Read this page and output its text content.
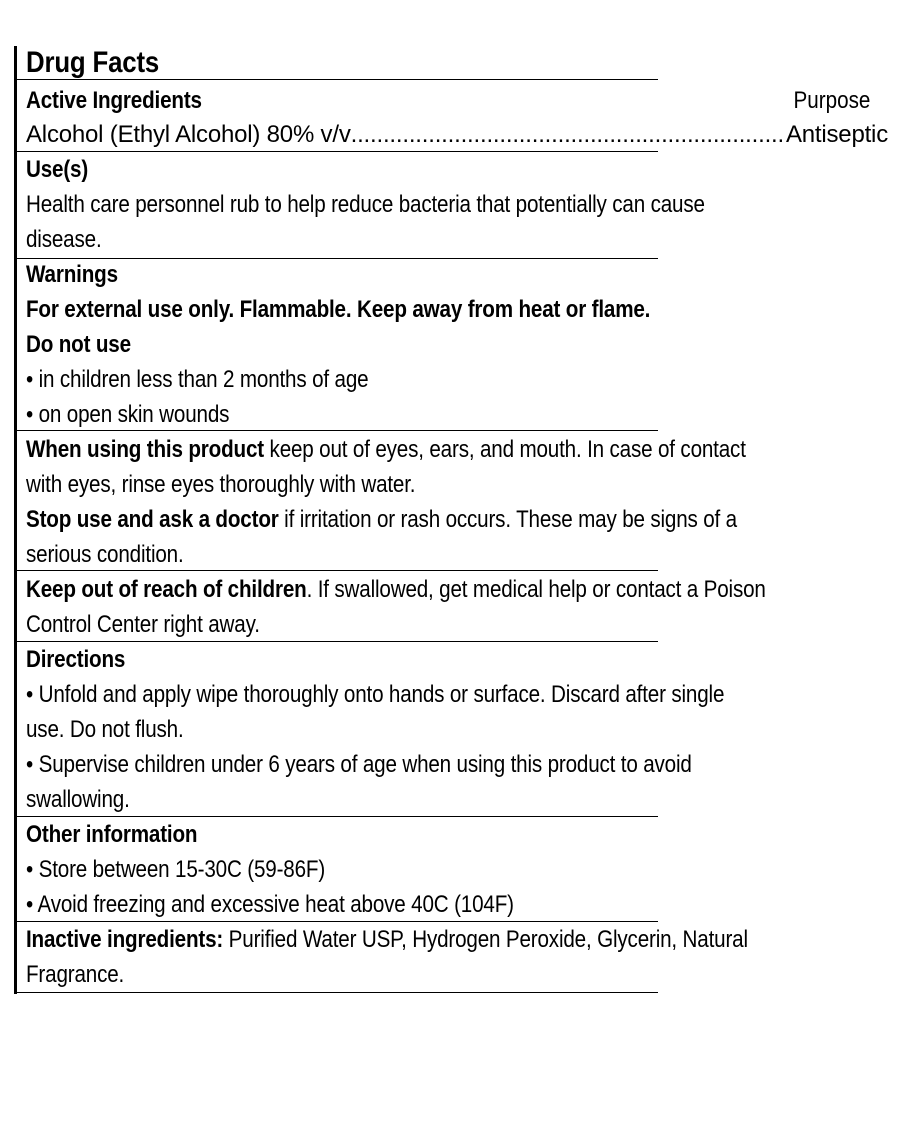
Drug Facts
Active Ingredients	Purpose
Alcohol (Ethyl Alcohol) 80% v/v
.....	Antiseptic
Use(s)
Health care personnel rub to help reduce bacteria that potentially can cause
disease.
Warnings
For external use only. Flammable. Keep away from heat or flame.
Do not use
• in children less than 2 months of age
• on open skin wounds
When using this product keep out of eyes, ears, and mouth. In case of contact
with eyes, rinse eyes thoroughly with water.
Stop use and ask a doctor if irritation or rash occurs. These may be signs of a
serious condition.
Keep out of reach of children. If swallowed, get medical help or contact a Poison
Control Center right away.
Directions
• Unfold and apply wipe thoroughly onto hands or surface. Discard after single
use. Do not flush.
• Supervise children under 6 years of age when using this product to avoid
swallowing.
Other information
• Store between 15-30C (59-86F)
• Avoid freezing and excessive heat above 40C (104F)
Inactive ingredients: Purified Water USP, Hydrogen Peroxide, Glycerin, Natural
Fragrance.
